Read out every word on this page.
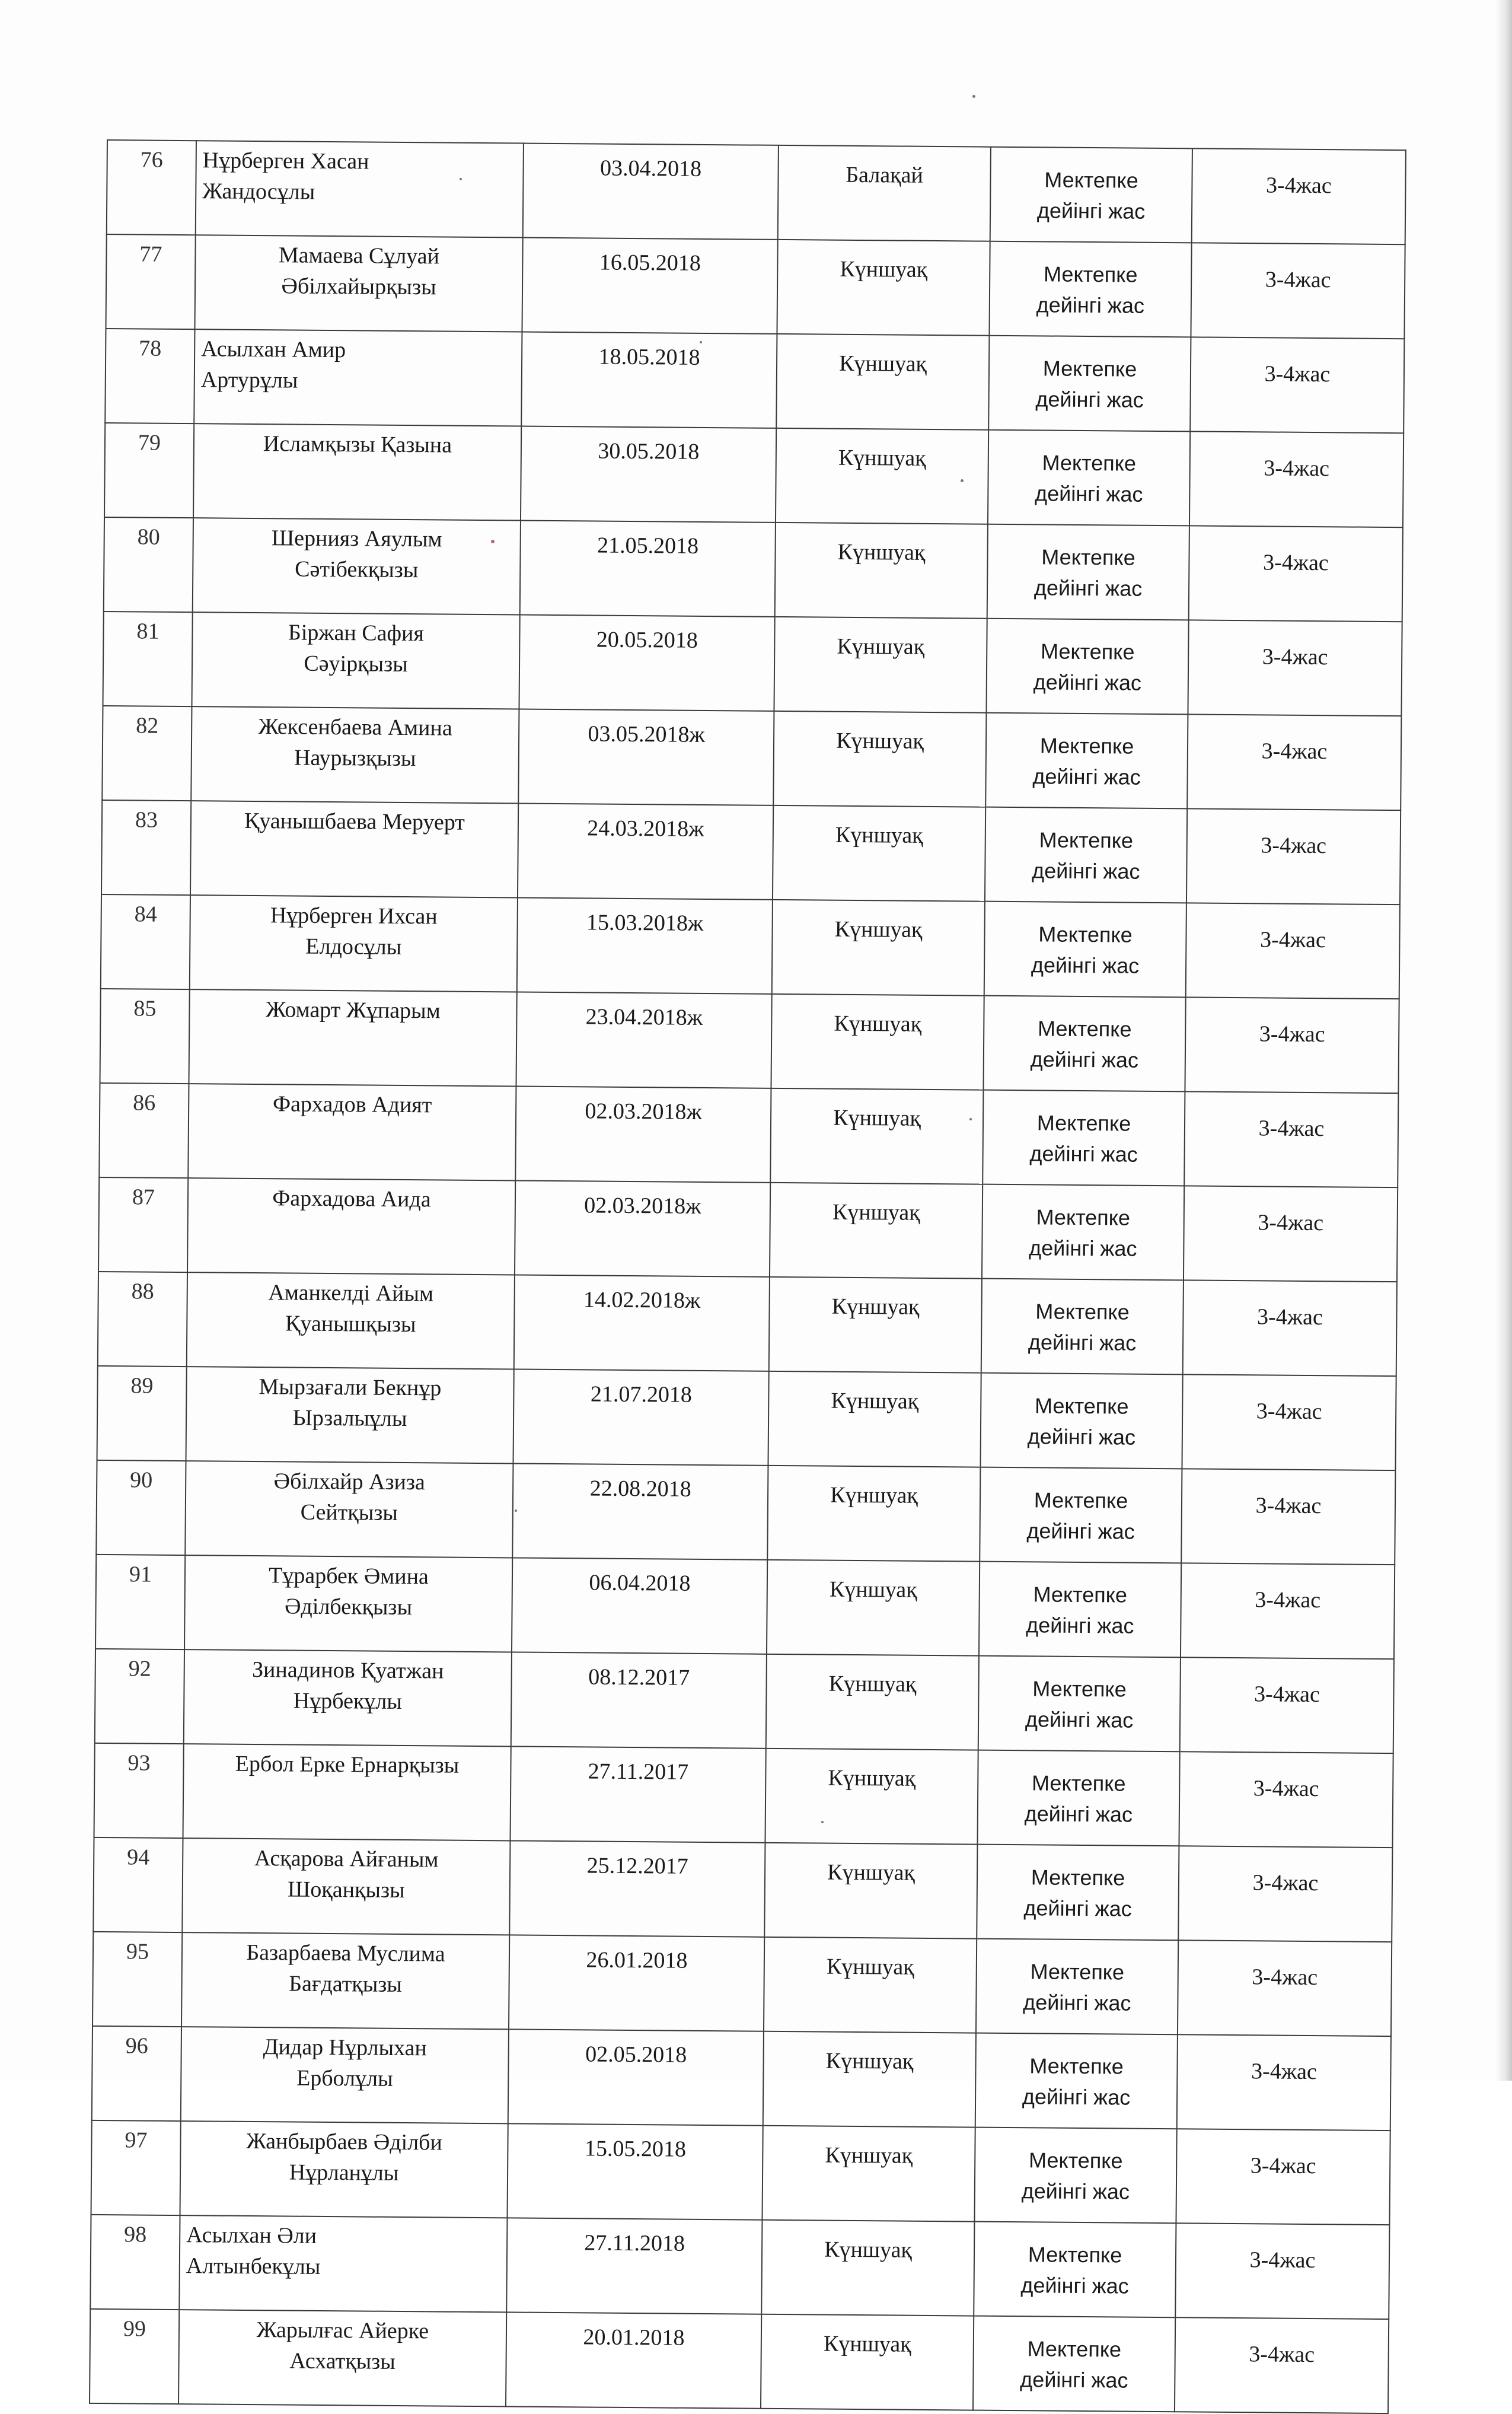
76	Нұрберген Хасан
Жандосұлы	03.04.2018	Балақай	Мектепке
дейінгі жас	3-4жас

77	Мамаева Сұлуай
Әбілхайырқызы	16.05.2018	Күншуақ	Мектепке
дейінгі жас	3-4жас

78	Асылхан Амир
Артурұлы	18.05.2018	Күншуақ	Мектепке
дейінгі жас	3-4жас

79	Исламқызы Қазына	30.05.2018	Күншуақ	Мектепке
дейінгі жас	3-4жас

80	Шернияз Аяулым
Сәтібекқызы	21.05.2018	Күншуақ	Мектепке
дейінгі жас	3-4жас

81	Біржан Сафия
Сәуірқызы	20.05.2018	Күншуақ	Мектепке
дейінгі жас	3-4жас

82	Жексенбаева Амина
Наурызқызы	03.05.2018ж	Күншуақ	Мектепке
дейінгі жас	3-4жас

83	Қуанышбаева Меруерт	24.03.2018ж	Күншуақ	Мектепке
дейінгі жас	3-4жас

84	Нұрберген Ихсан
Елдосұлы	15.03.2018ж	Күншуақ	Мектепке
дейінгі жас	3-4жас

85	Жомарт Жұпарым	23.04.2018ж	Күншуақ	Мектепке
дейінгі жас	3-4жас

86	Фархадов Адият	02.03.2018ж	Күншуақ	Мектепке
дейінгі жас	3-4жас

87	Фархадова Аида	02.03.2018ж	Күншуақ	Мектепке
дейінгі жас	3-4жас

88	Аманкелді Айым
Қуанышқызы	14.02.2018ж	Күншуақ	Мектепке
дейінгі жас	3-4жас

89	Мырзағали Бекнұр
Ырзалыұлы	21.07.2018	Күншуақ	Мектепке
дейінгі жас	3-4жас

90	Әбілхайр Азиза
Сейтқызы	22.08.2018	Күншуақ	Мектепке
дейінгі жас	3-4жас

91	Тұрарбек Әмина
Әділбекқызы	06.04.2018	Күншуақ	Мектепке
дейінгі жас	3-4жас

92	Зинадинов Қуатжан
Нұрбекұлы	08.12.2017	Күншуақ	Мектепке
дейінгі жас	3-4жас

93	Ербол Ерке Ернарқызы	27.11.2017	Күншуақ	Мектепке
дейінгі жас	3-4жас

94	Асқарова Айғаным
Шоқанқызы	25.12.2017	Күншуақ	Мектепке
дейінгі жас	3-4жас

95	Базарбаева Муслима
Бағдатқызы	26.01.2018	Күншуақ	Мектепке
дейінгі жас	3-4жас

96	Дидар Нұрлыхан
Ерболұлы	02.05.2018	Күншуақ	Мектепке
дейінгі жас	3-4жас

97	Жанбырбаев Әділби
Нұрланұлы	15.05.2018	Күншуақ	Мектепке
дейінгі жас	3-4жас

98	Асылхан Әли
Алтынбекұлы	27.11.2018	Күншуақ	Мектепке
дейінгі жас	3-4жас

99	Жарылғас Айерке
Асхатқызы	20.01.2018	Күншуақ	Мектепке
дейінгі жас	3-4жас
